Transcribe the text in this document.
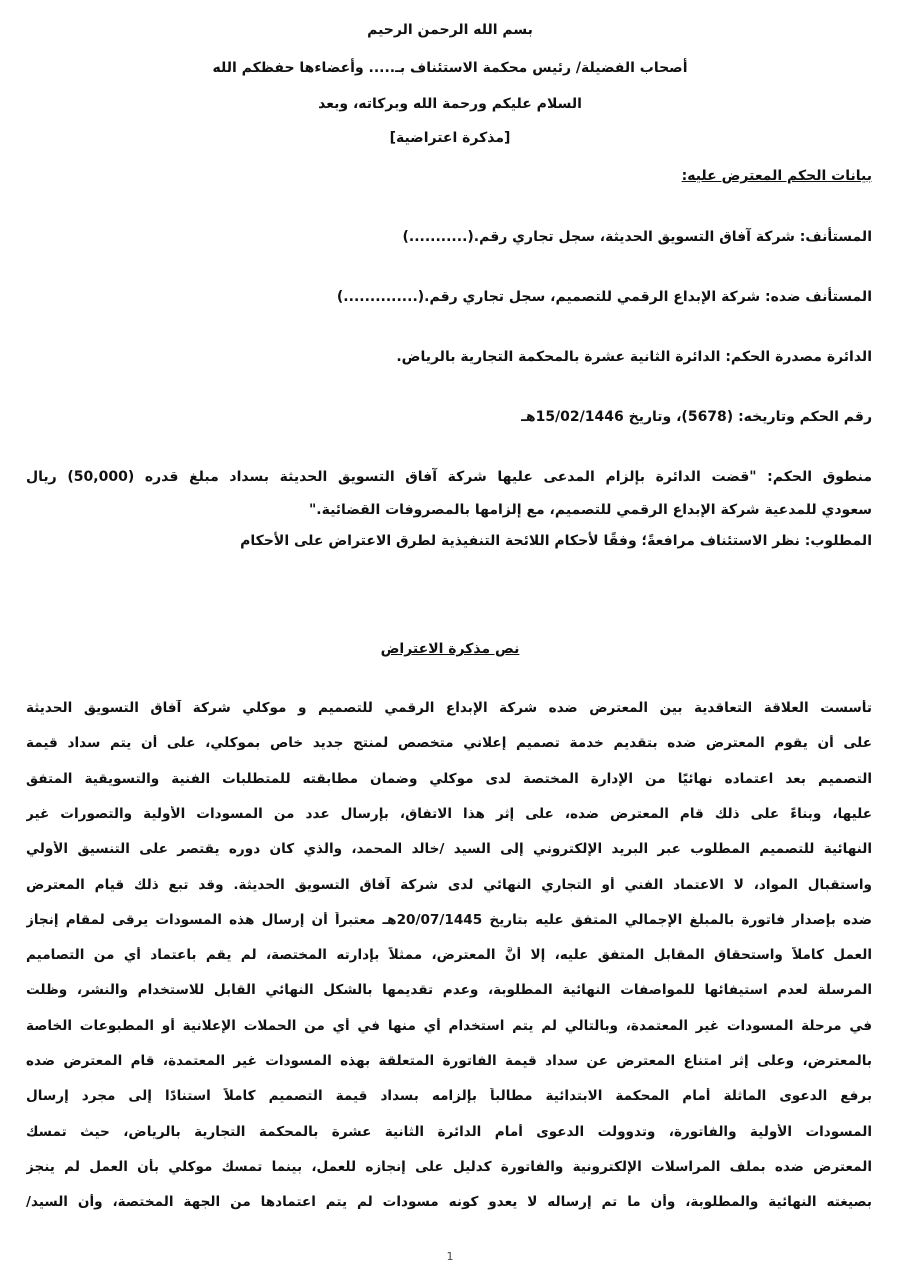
بسم الله الرحمن الرحيم
أصحاب الفضيلة/ رئيس محكمة الاستئناف بـ..... وأعضاءها حفظكم الله
السلام عليكم ورحمة الله وبركاته، وبعد
[مذكرة اعتراضية]
بيانات الحكم المعترض عليه:
المستأنف: شركة آفاق التسويق الحديثة، سجل تجاري رقم.(...........)
المستأنف ضده: شركة الإبداع الرقمي للتصميم، سجل تجاري رقم.(..............)
الدائرة مصدرة الحكم: الدائرة الثانية عشرة بالمحكمة التجارية بالرياض.
رقم الحكم وتاريخه: (5678)، وتاريخ 15/02/1446هـ
منطوق الحكم: "قضت الدائرة بإلزام المدعى عليها شركة آفاق التسويق الحديثة بسداد مبلغ قدره (50,000) ريال
سعودي للمدعية شركة الإبداع الرقمي للتصميم، مع إلزامها بالمصروفات القضائية."
المطلوب: نظر الاستئناف مرافعةً؛ وفقًا لأحكام اللائحة التنفيذية لطرق الاعتراض على الأحكام
نص مذكرة الاعتراض
تأسست العلاقة التعاقدية بين المعترض ضده شركة الإبداع الرقمي للتصميم و موكلي شركة آفاق التسويق الحديثة
على أن يقوم المعترض ضده بتقديم خدمة تصميم إعلاني متخصص لمنتج جديد خاص بموكلي، على أن يتم سداد قيمة
التصميم بعد اعتماده نهائيًا من الإدارة المختصة لدى موكلي وضمان مطابقته للمتطلبات الفنية والتسويقية المتفق
عليها، وبناءً على ذلك قام المعترض ضده، على إثر هذا الاتفاق، بإرسال عدد من المسودات الأولية والتصورات غير
النهائية للتصميم المطلوب عبر البريد الإلكتروني إلى السيد /خالد المحمد، والذي كان دوره يقتصر على التنسيق الأولي
واستقبال المواد، لا الاعتماد الفني أو التجاري النهائي لدى شركة آفاق التسويق الحديثة. وقد تبع ذلك قيام المعترض
ضده بإصدار فاتورة بالمبلغ الإجمالي المتفق عليه بتاريخ 20/07/1445هـ معتبراً أن إرسال هذه المسودات يرقى لمقام إنجاز
العمل كاملاً واستحقاق المقابل المتفق عليه، إلا أنَّ المعترض، ممثلاً بإدارته المختصة، لم يقم باعتماد أي من التصاميم
المرسلة لعدم استيفائها للمواصفات النهائية المطلوبة، وعدم تقديمها بالشكل النهائي القابل للاستخدام والنشر، وظلت
في مرحلة المسودات غير المعتمدة، وبالتالي لم يتم استخدام أي منها في أي من الحملات الإعلانية أو المطبوعات الخاصة
بالمعترض، وعلى إثر امتناع المعترض عن سداد قيمة الفاتورة المتعلقة بهذه المسودات غير المعتمدة، قام المعترض ضده
برفع الدعوى الماثلة أمام المحكمة الابتدائية مطالباً بإلزامه بسداد قيمة التصميم كاملاً استنادًا إلى مجرد إرسال
المسودات الأولية والفاتورة، وتدوولت الدعوى أمام الدائرة الثانية عشرة بالمحكمة التجارية بالرياض، حيث تمسك
المعترض ضده بملف المراسلات الإلكترونية والفاتورة كدليل على إنجازه للعمل، بينما تمسك موكلي بأن العمل لم ينجز
بصيغته النهائية والمطلوبة، وأن ما تم إرساله لا يعدو كونه مسودات لم يتم اعتمادها من الجهة المختصة، وأن السيد/
1
